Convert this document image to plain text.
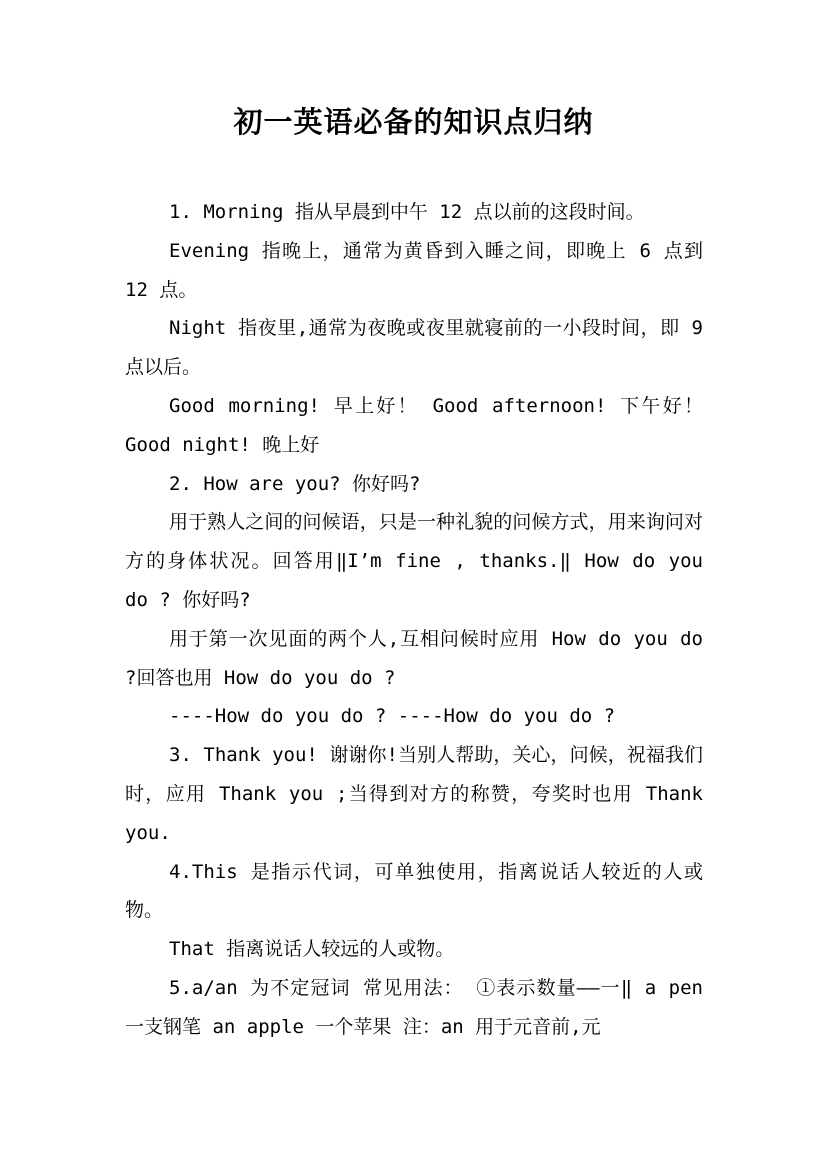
初一英语必备的知识点归纳

1. Morning 指从早晨到中午 12 点以前的这段时间。

Evening 指晚上，通常为黄昏到入睡之间，即晚上 6 点到 12 点。

Night 指夜里,通常为夜晚或夜里就寝前的一小段时间，即 9 点以后。

Good morning! 早上好！ Good afternoon! 下午好！ Good night! 晚上好

2. How are you? 你好吗?

用于熟人之间的问候语，只是一种礼貌的问候方式，用来询问对方的身体状况。回答用‖I’m fine , thanks.‖ How do you do ? 你好吗?

用于第一次见面的两个人,互相问候时应用 How do you do ?回答也用 How do you do ?

----How do you do ? ----How do you do ?

3. Thank you! 谢谢你!当别人帮助，关心，问候，祝福我们时，应用 Thank you ;当得到对方的称赞，夸奖时也用 Thank you.

4.This 是指示代词，可单独使用，指离说话人较近的人或物。

That 指离说话人较远的人或物。

5.a/an 为不定冠词 常见用法： ①表示数量——一‖ a pen 一支钢笔 an apple 一个苹果 注：an 用于元音前,元
